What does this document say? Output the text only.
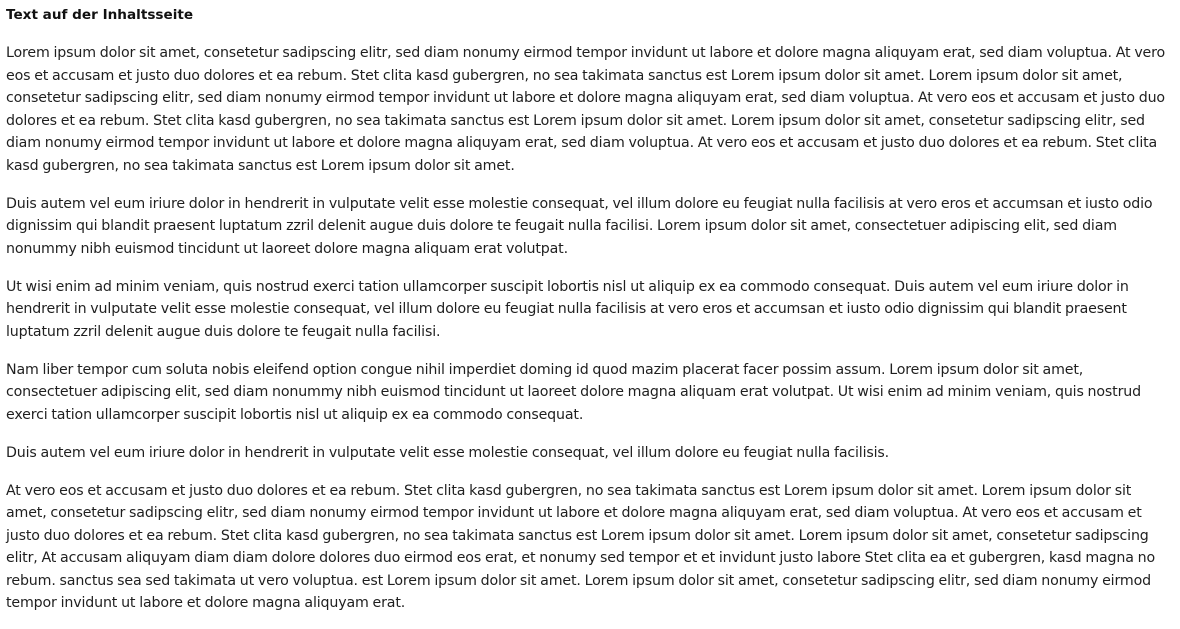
Text auf der Inhaltsseite

Lorem ipsum dolor sit amet, consetetur sadipscing elitr, sed diam nonumy eirmod tempor invidunt ut labore et dolore magna aliquyam erat, sed diam voluptua. At vero eos et accusam et justo duo dolores et ea rebum. Stet clita kasd gubergren, no sea takimata sanctus est Lorem ipsum dolor sit amet. Lorem ipsum dolor sit amet, consetetur sadipscing elitr, sed diam nonumy eirmod tempor invidunt ut labore et dolore magna aliquyam erat, sed diam voluptua. At vero eos et accusam et justo duo dolores et ea rebum. Stet clita kasd gubergren, no sea takimata sanctus est Lorem ipsum dolor sit amet. Lorem ipsum dolor sit amet, consetetur sadipscing elitr, sed diam nonumy eirmod tempor invidunt ut labore et dolore magna aliquyam erat, sed diam voluptua. At vero eos et accusam et justo duo dolores et ea rebum. Stet clita kasd gubergren, no sea takimata sanctus est Lorem ipsum dolor sit amet.

Duis autem vel eum iriure dolor in hendrerit in vulputate velit esse molestie consequat, vel illum dolore eu feugiat nulla facilisis at vero eros et accumsan et iusto odio dignissim qui blandit praesent luptatum zzril delenit augue duis dolore te feugait nulla facilisi. Lorem ipsum dolor sit amet, consectetuer adipiscing elit, sed diam nonummy nibh euismod tincidunt ut laoreet dolore magna aliquam erat volutpat.

Ut wisi enim ad minim veniam, quis nostrud exerci tation ullamcorper suscipit lobortis nisl ut aliquip ex ea commodo consequat. Duis autem vel eum iriure dolor in hendrerit in vulputate velit esse molestie consequat, vel illum dolore eu feugiat nulla facilisis at vero eros et accumsan et iusto odio dignissim qui blandit praesent luptatum zzril delenit augue duis dolore te feugait nulla facilisi.

Nam liber tempor cum soluta nobis eleifend option congue nihil imperdiet doming id quod mazim placerat facer possim assum. Lorem ipsum dolor sit amet, consectetuer adipiscing elit, sed diam nonummy nibh euismod tincidunt ut laoreet dolore magna aliquam erat volutpat. Ut wisi enim ad minim veniam, quis nostrud exerci tation ullamcorper suscipit lobortis nisl ut aliquip ex ea commodo consequat.

Duis autem vel eum iriure dolor in hendrerit in vulputate velit esse molestie consequat, vel illum dolore eu feugiat nulla facilisis.

At vero eos et accusam et justo duo dolores et ea rebum. Stet clita kasd gubergren, no sea takimata sanctus est Lorem ipsum dolor sit amet. Lorem ipsum dolor sit amet, consetetur sadipscing elitr, sed diam nonumy eirmod tempor invidunt ut labore et dolore magna aliquyam erat, sed diam voluptua. At vero eos et accusam et justo duo dolores et ea rebum. Stet clita kasd gubergren, no sea takimata sanctus est Lorem ipsum dolor sit amet. Lorem ipsum dolor sit amet, consetetur sadipscing elitr, At accusam aliquyam diam diam dolore dolores duo eirmod eos erat, et nonumy sed tempor et et invidunt justo labore Stet clita ea et gubergren, kasd magna no rebum. sanctus sea sed takimata ut vero voluptua. est Lorem ipsum dolor sit amet. Lorem ipsum dolor sit amet, consetetur sadipscing elitr, sed diam nonumy eirmod tempor invidunt ut labore et dolore magna aliquyam erat.
